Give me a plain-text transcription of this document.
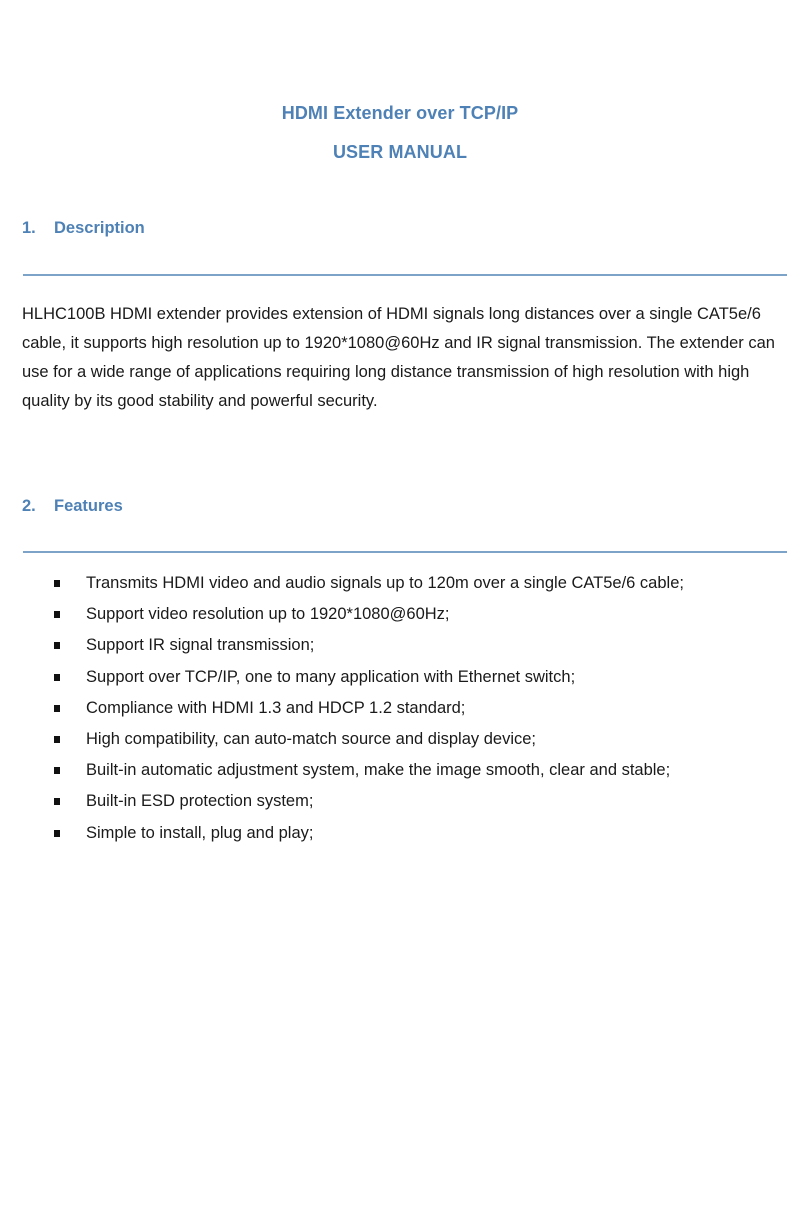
HDMI Extender over TCP/IP
USER MANUAL
1. Description

HLHC100B HDMI extender provides extension of HDMI signals long distances over a single CAT5e/6 cable, it supports high resolution up to 1920*1080@60Hz and IR signal transmission. The extender can use for a wide range of applications requiring long distance transmission of high resolution with high quality by its good stability and powerful security.

2. Features
Transmits HDMI video and audio signals up to 120m over a single CAT5e/6 cable;
Support video resolution up to 1920*1080@60Hz;
Support IR signal transmission;
Support over TCP/IP, one to many application with Ethernet switch;
Compliance with HDMI 1.3 and HDCP 1.2 standard;
High compatibility, can auto-match source and display device;
Built-in automatic adjustment system, make the image smooth, clear and stable;
Built-in ESD protection system;
Simple to install, plug and play;
